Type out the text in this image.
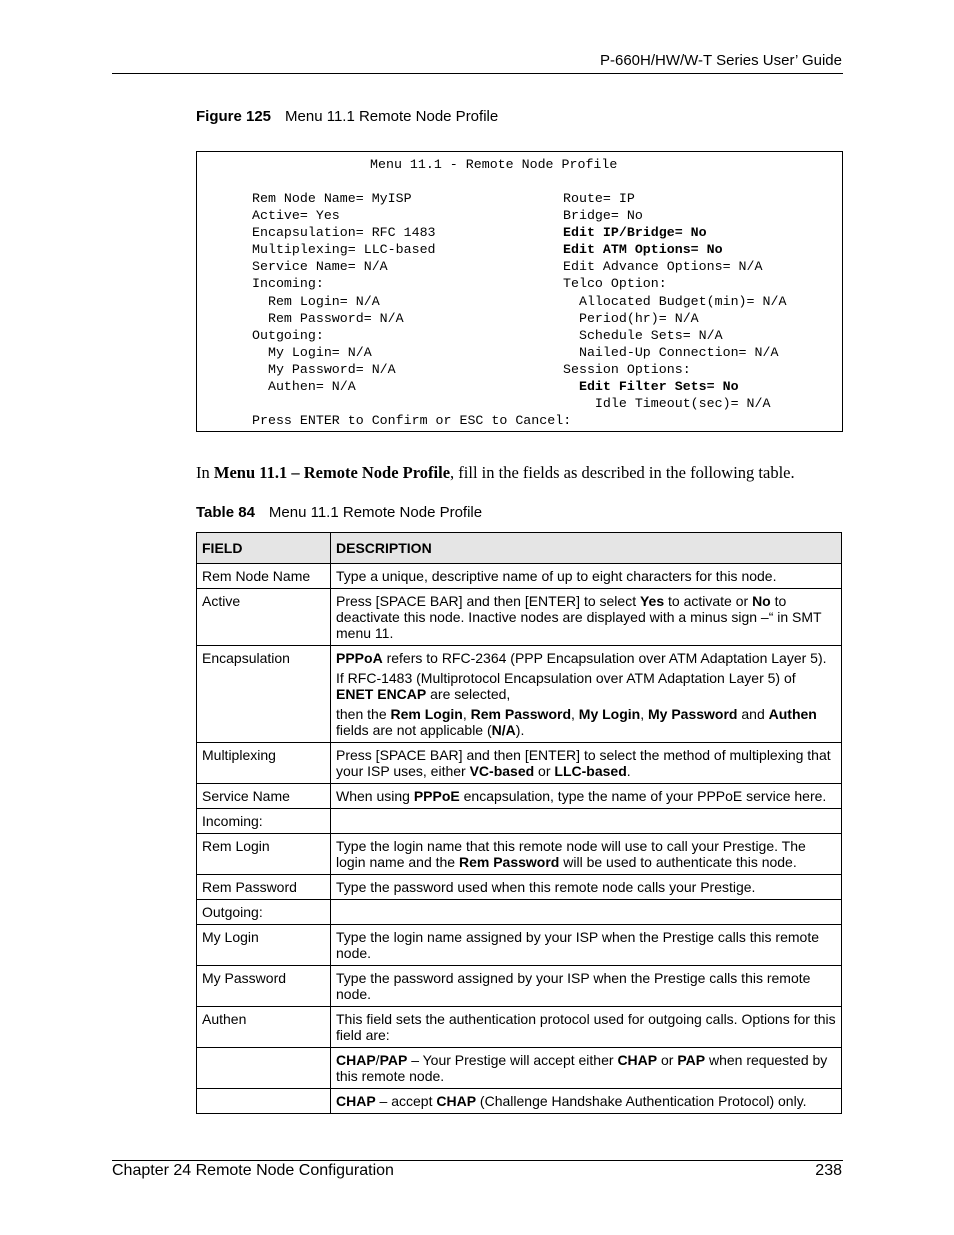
P-660H/HW/W-T Series User’ Guide
Figure 125 Menu 11.1 Remote Node Profile
Menu 11.1 - Remote Node Profile
Rem Node Name= MyISP
Active= Yes
Encapsulation= RFC 1483
Multiplexing= LLC-based
Service Name= N/A
Incoming:
Rem Login= N/A
Rem Password= N/A
Outgoing:
My Login= N/A
My Password= N/A
Authen= N/A
Route= IP
Bridge= No
Edit IP/Bridge= No
Edit ATM Options= No
Edit Advance Options= N/A
Telco Option:
Allocated Budget(min)= N/A
Period(hr)= N/A
Schedule Sets= N/A
Nailed-Up Connection= N/A
Session Options:
Edit Filter Sets= No
Idle Timeout(sec)= N/A
Press ENTER to Confirm or ESC to Cancel:
In Menu 11.1 – Remote Node Profile, fill in the fields as described in the following table.
Table 84 Menu 11.1 Remote Node Profile
FIELD	DESCRIPTION
Rem Node Name	Type a unique, descriptive name of up to eight characters for this node.

Active	Press [SPACE BAR] and then [ENTER] to select Yes to activate or No to deactivate this node. Inactive nodes are displayed with a minus sign –“ in SMT menu 11.

Encapsulation	PPPoA refers to RFC-2364 (PPP Encapsulation over ATM Adaptation Layer 5).

If RFC-1483 (Multiprotocol Encapsulation over ATM Adaptation Layer 5) of ENET ENCAP are selected,

then the Rem Login, Rem Password, My Login, My Password and Authen fields are not applicable (N/A).

Multiplexing	Press [SPACE BAR] and then [ENTER] to select the method of multiplexing that your ISP uses, either VC-based or LLC-based.

Service Name	When using PPPoE encapsulation, type the name of your PPPoE service here.

Incoming:	
Rem Login	Type the login name that this remote node will use to call your Prestige. The login name and the Rem Password will be used to authenticate this node.

Rem Password	Type the password used when this remote node calls your Prestige.

Outgoing:	
My Login	Type the login name assigned by your ISP when the Prestige calls this remote node.

My Password	Type the password assigned by your ISP when the Prestige calls this remote node.

Authen	This field sets the authentication protocol used for outgoing calls. Options for this field are:

	CHAP/PAP – Your Prestige will accept either CHAP or PAP when requested by this remote node.

	CHAP – accept CHAP (Challenge Handshake Authentication Protocol) only.

Chapter 24 Remote Node Configuration	238
